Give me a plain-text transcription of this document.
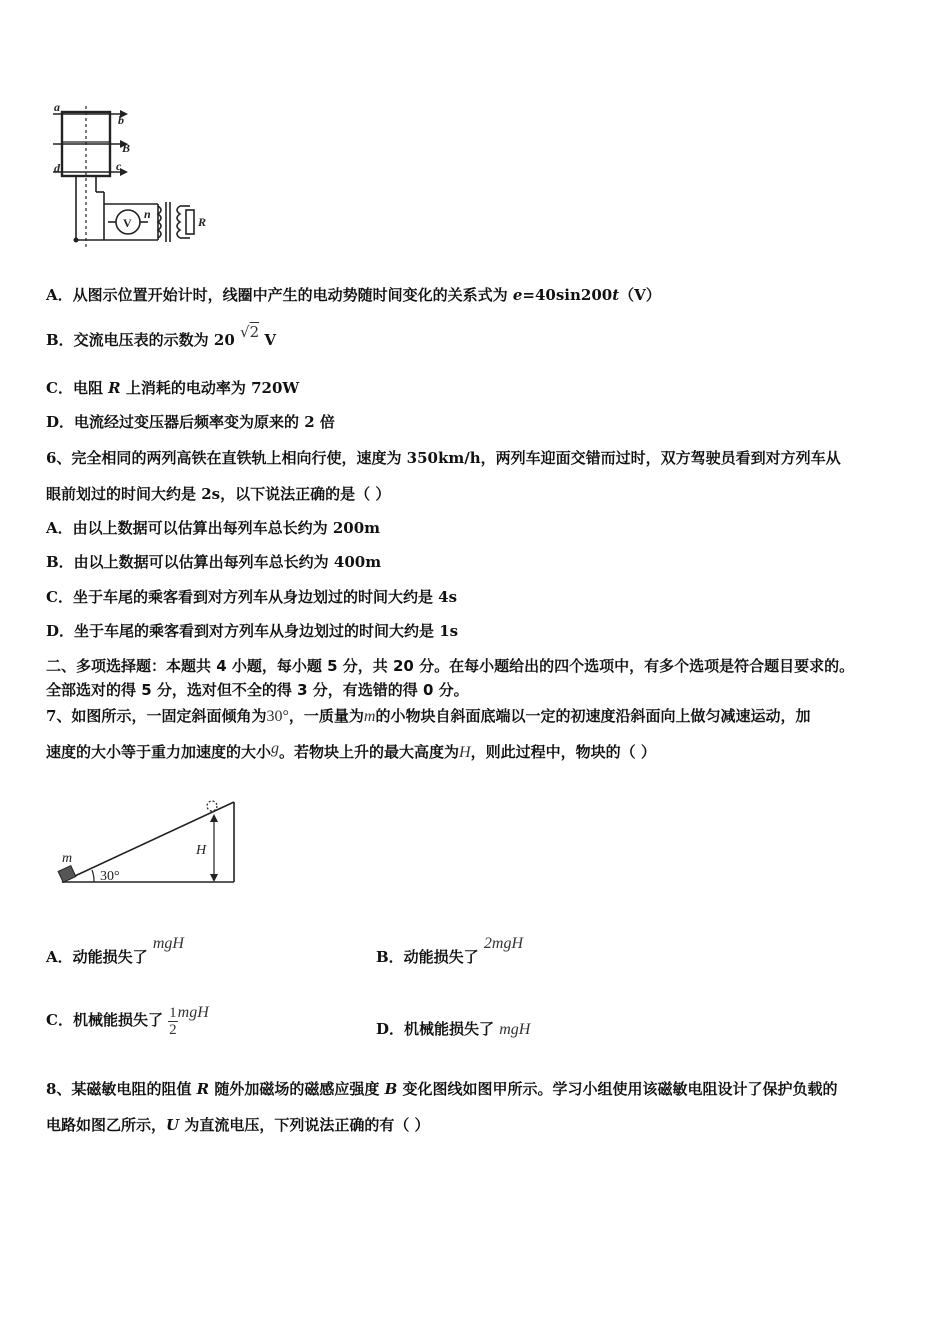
a
b
B
d	c
V
n
R
A．从图示位置开始计时，线圈中产生的电动势随时间变化的关系式为 e=40sin200t（V）
B．交流电压表的示数为 20 √2 V
C．电阻 R 上消耗的电动率为 720W
D．电流经过变压器后频率变为原来的 2 倍
6、完全相同的两列高铁在直铁轨上相向行使，速度为 350km/h，两列车迎面交错而过时，双方驾驶员看到对方列车从
眼前划过的时间大约是 2s，以下说法正确的是（ ）
A．由以上数据可以估算出每列车总长约为 200m
B．由以上数据可以估算出每列车总长约为 400m
C．坐于车尾的乘客看到对方列车从身边划过的时间大约是 4s
D．坐于车尾的乘客看到对方列车从身边划过的时间大约是 1s
二、多项选择题：本题共 4 小题，每小题 5 分，共 20 分。在每小题给出的四个选项中，有多个选项是符合题目要求的。
全部选对的得 5 分，选对但不全的得 3 分，有选错的得 0 分。
7、如图所示，一固定斜面倾角为30°，一质量为m的小物块自斜面底端以一定的初速度沿斜面向上做匀减速运动，加
速度的大小等于重力加速度的大小g。若物块上升的最大高度为H，则此过程中，物块的（ ）
m
H
30°
A．动能损失了 mgH
B．动能损失了 2mgH
C．机械能损失了 $\frac{1}{2}$ mgH
D．机械能损失了 mgH
8、某磁敏电阻的阻值 R 随外加磁场的磁感应强度 B 变化图线如图甲所示。学习小组使用该磁敏电阻设计了保护负载的
电路如图乙所示，U 为直流电压，下列说法正确的有（ ）
